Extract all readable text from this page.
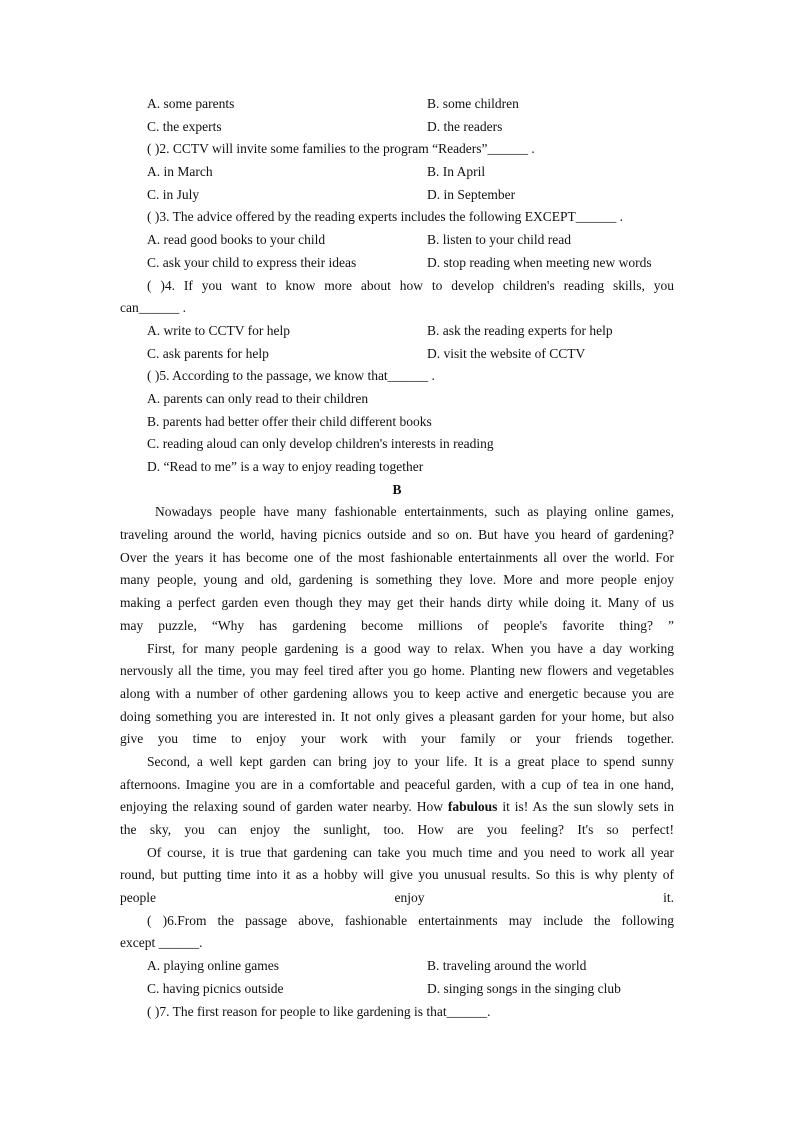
A. some parents	B. some children
C. the experts	D. the readers
( )2. CCTV will invite some families to the program “Readers”______ .
A. in March	B. In April
C. in July	D. in September
( )3. The advice offered by the reading experts includes the following EXCEPT______ .
A. read good books to your child	B. listen to your child read
C. ask your child to express their ideas	D. stop reading when meeting new words
( )4. If you want to know more about how to develop children's reading skills, you
can______ .
A. write to CCTV for help	B. ask the reading experts for help
C. ask parents for help	D. visit the website of CCTV
( )5. According to the passage, we know that______ .
A. parents can only read to their children
B. parents had better offer their child different books
C. reading aloud can only develop children's interests in reading
D. “Read to me” is a way to enjoy reading together
B
Nowadays people have many fashionable entertainments, such as playing online games,
traveling around the world, having picnics outside and so on. But have you heard of gardening?
Over the years it has become one of the most fashionable entertainments all over the world. For
many people, young and old, gardening is something they love. More and more people enjoy
making a perfect garden even though they may get their hands dirty while doing it. Many of us
may puzzle, “Why has gardening become millions of people's favorite thing? ”
First, for many people gardening is a good way to relax. When you have a day working
nervously all the time, you may feel tired after you go home. Planting new flowers and vegetables
along with a number of other gardening allows you to keep active and energetic because you are
doing something you are interested in. It not only gives a pleasant garden for your home, but also
give you time to enjoy your work with your family or your friends together.
Second, a well kept garden can bring joy to your life. It is a great place to spend sunny
afternoons. Imagine you are in a comfortable and peaceful garden, with a cup of tea in one hand,
enjoying the relaxing sound of garden water nearby. How fabulous it is! As the sun slowly sets in
the sky, you can enjoy the sunlight, too. How are you feeling? It's so perfect!
Of course, it is true that gardening can take you much time and you need to work all year
round, but putting time into it as a hobby will give you unusual results. So this is why plenty of
people enjoy it.
( )6.From the passage above, fashionable entertainments may include the following
except ______.
A. playing online games	B. traveling around the world
C. having picnics outside	D. singing songs in the singing club
( )7. The first reason for people to like gardening is that______.
